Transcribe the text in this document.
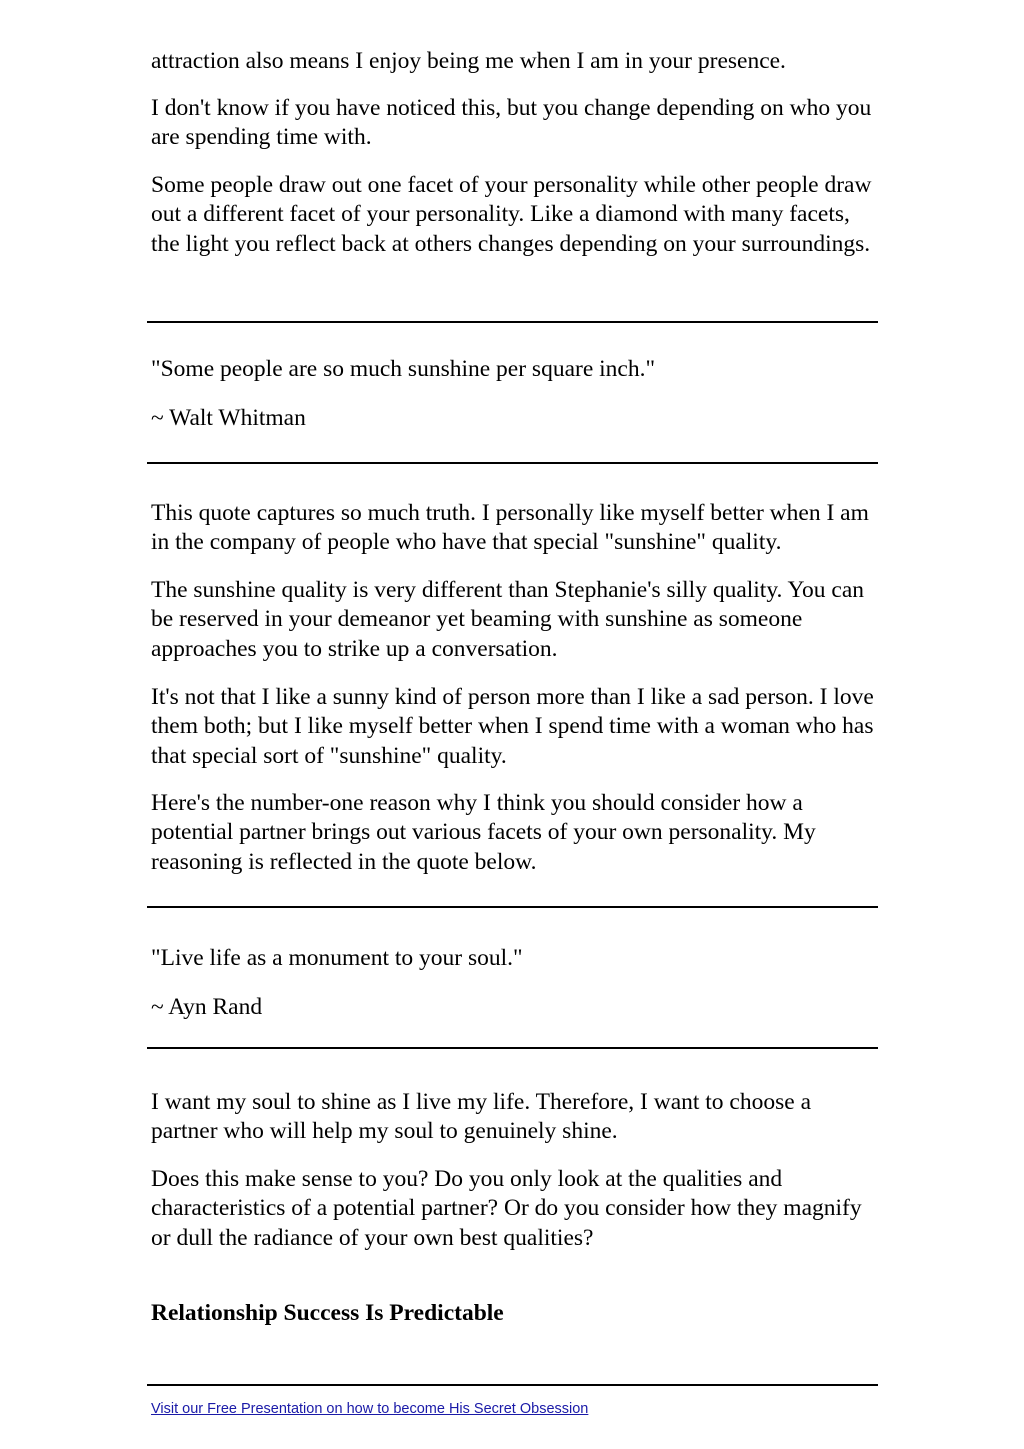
attraction also means I enjoy being me when I am in your presence.

I don't know if you have noticed this, but you change depending on who you are spending time with.

Some people draw out one facet of your personality while other people draw out a different facet of your personality. Like a diamond with many facets, the light you reflect back at others changes depending on your surroundings.

"Some people are so much sunshine per square inch."

~ Walt Whitman

This quote captures so much truth. I personally like myself better when I am in the company of people who have that special "sunshine" quality.

The sunshine quality is very different than Stephanie's silly quality. You can be reserved in your demeanor yet beaming with sunshine as someone approaches you to strike up a conversation.

It's not that I like a sunny kind of person more than I like a sad person. I love them both; but I like myself better when I spend time with a woman who has that special sort of "sunshine" quality.

Here's the number-one reason why I think you should consider how a potential partner brings out various facets of your own personality. My reasoning is reflected in the quote below.

"Live life as a monument to your soul."

~ Ayn Rand

I want my soul to shine as I live my life. Therefore, I want to choose a partner who will help my soul to genuinely shine.

Does this make sense to you? Do you only look at the qualities and characteristics of a potential partner? Or do you consider how they magnify or dull the radiance of your own best qualities?

Relationship Success Is Predictable
Visit our Free Presentation on how to become His Secret Obsession
